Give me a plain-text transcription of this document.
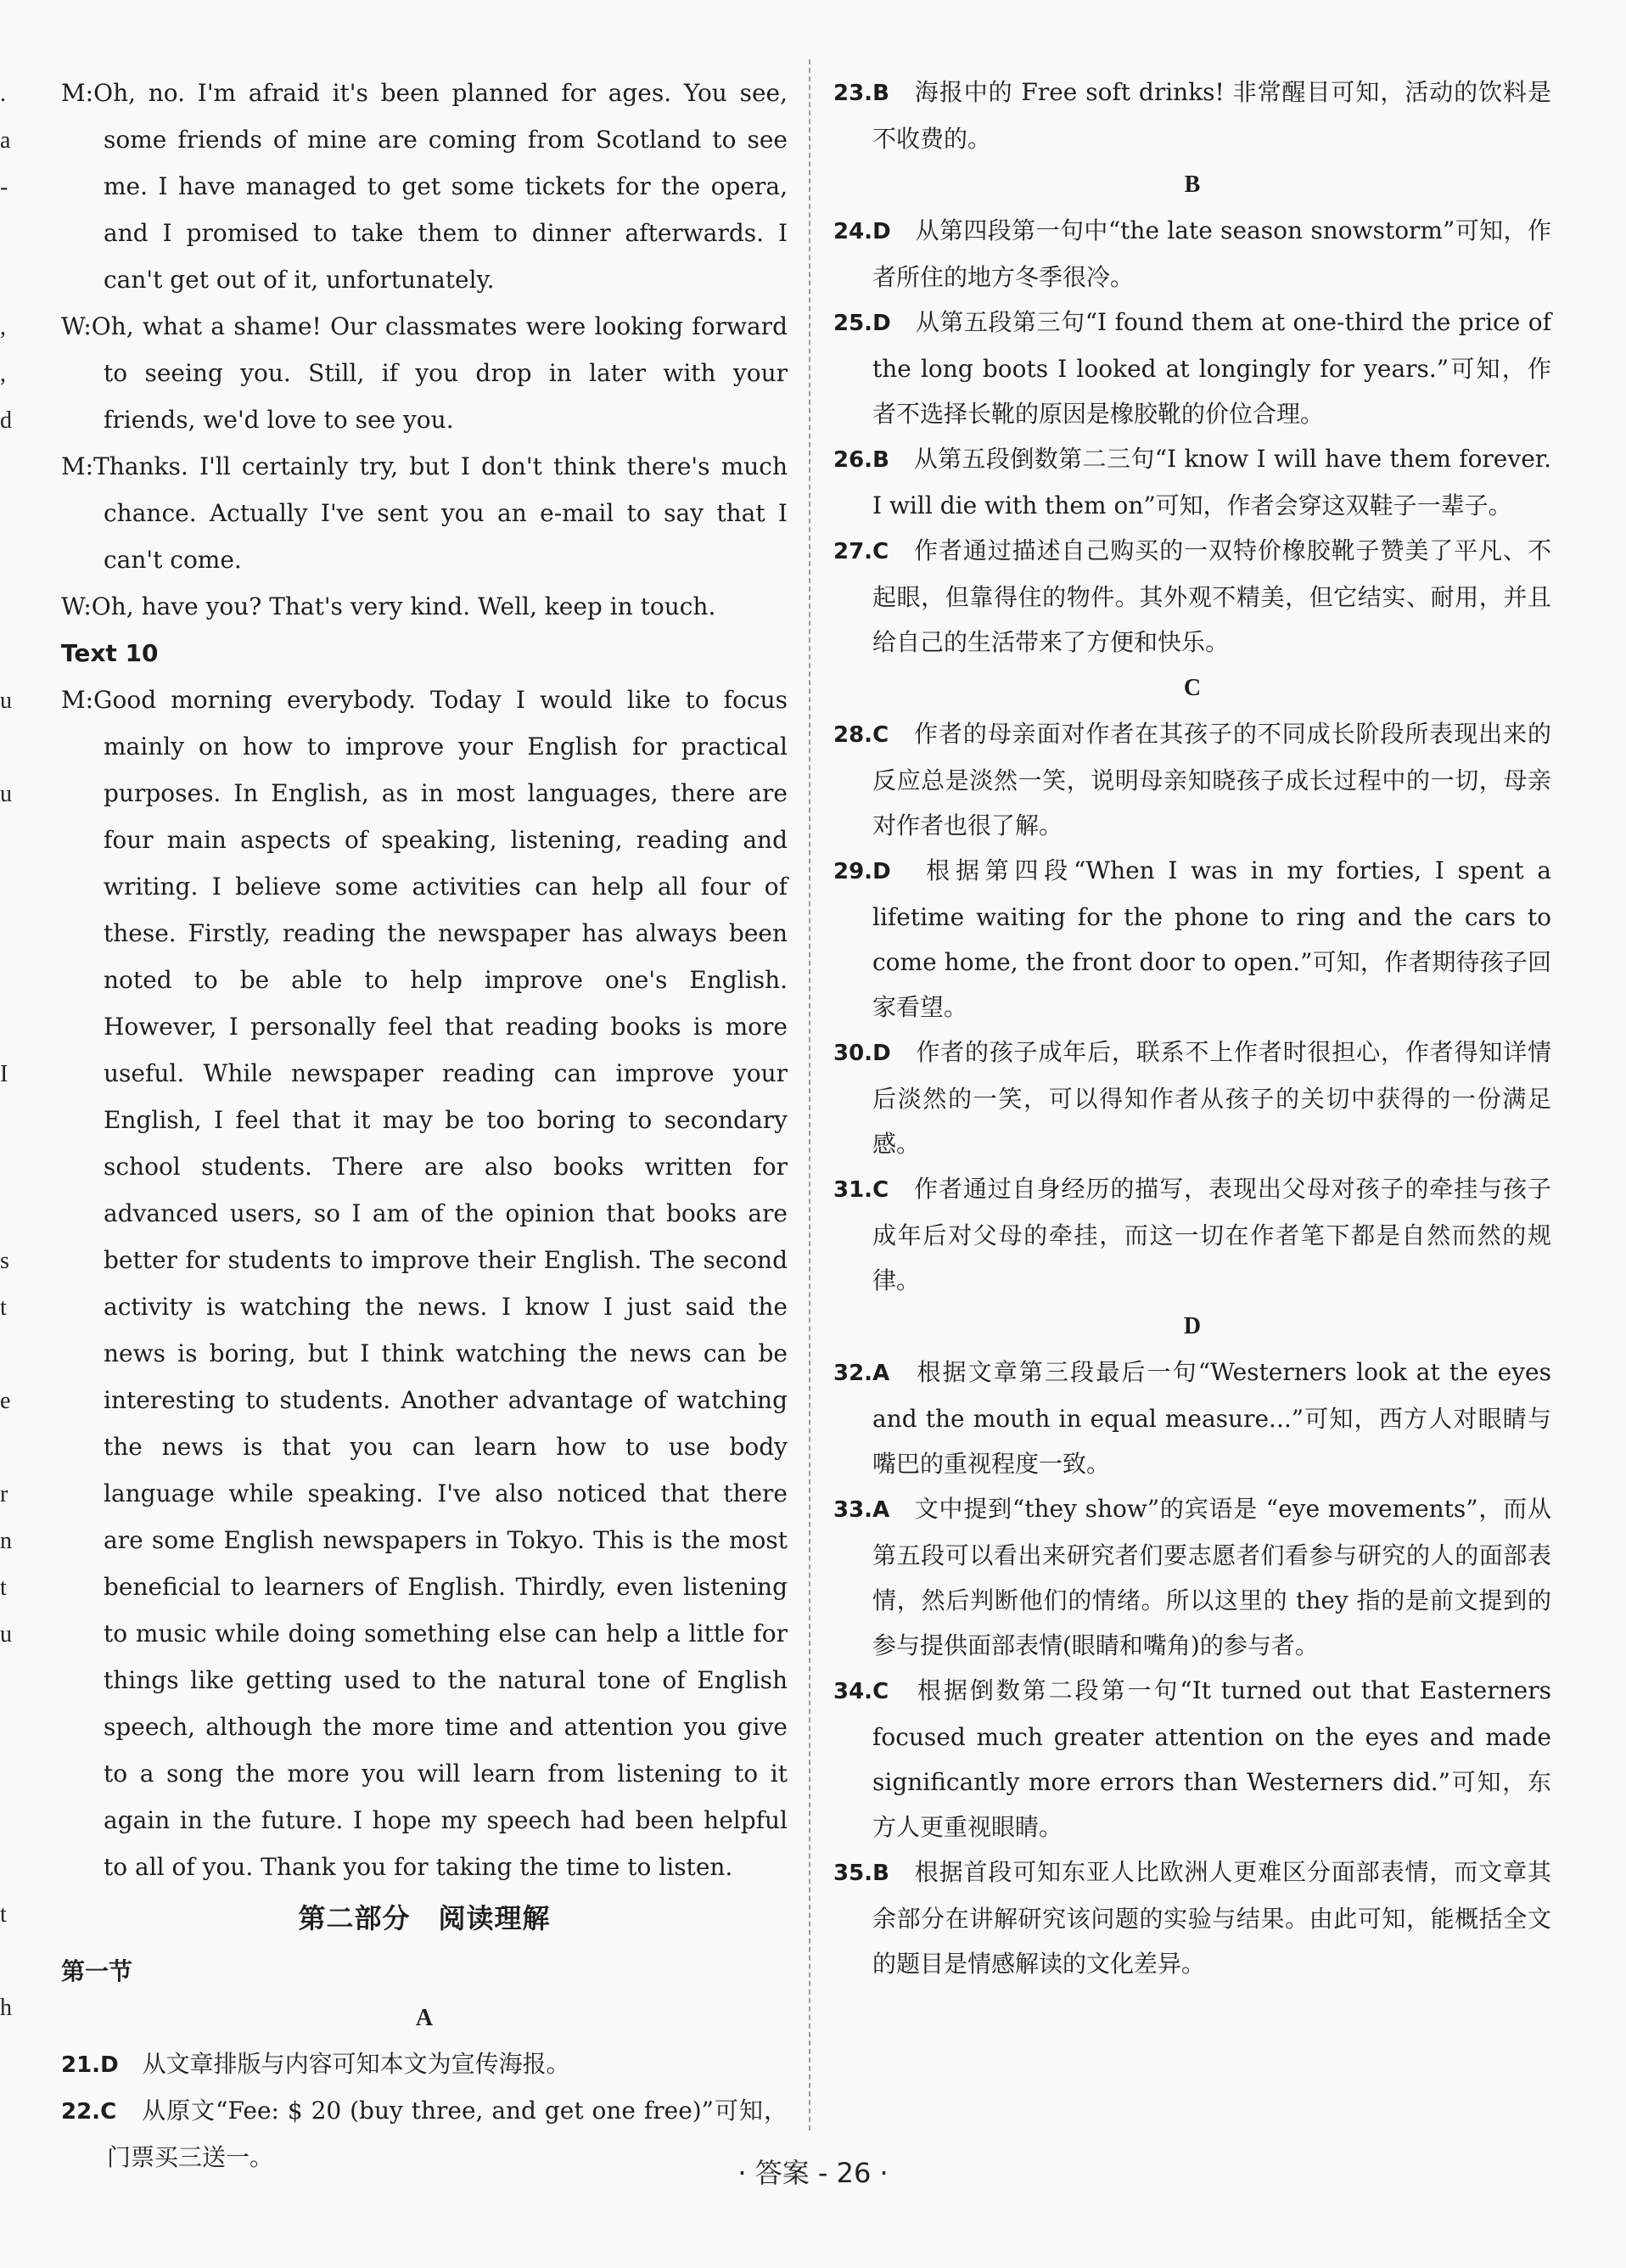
.
a
-
,
,
d
u
u
I
s
t
e
r
n
t
u
t
h

M:Oh, no. I'm afraid it's been planned for ages. You see, some friends of mine are coming from Scotland to see me. I have managed to get some tickets for the opera, and I promised to take them to dinner afterwards. I can't get out of it, unfortunately.

W:Oh, what a shame! Our classmates were looking forward to seeing you. Still, if you drop in later with your friends, we'd love to see you.

M:Thanks. I'll certainly try, but I don't think there's much chance. Actually I've sent you an e-mail to say that I can't come.

W:Oh, have you? That's very kind. Well, keep in touch.

Text 10

M:Good morning everybody. Today I would like to focus mainly on how to improve your English for practical purposes. In English, as in most languages, there are four main aspects of speaking, listening, reading and writing. I believe some activities can help all four of these. Firstly, reading the newspaper has always been noted to be able to help improve one's English. However, I personally feel that reading books is more useful. While newspaper reading can improve your English, I feel that it may be too boring to secondary school students. There are also books written for advanced users, so I am of the opinion that books are better for students to improve their English. The second activity is watching the news. I know I just said the news is boring, but I think watching the news can be interesting to students. Another advantage of watching the news is that you can learn how to use body language while speaking. I've also noticed that there are some English newspapers in Tokyo. This is the most beneficial to learners of English. Thirdly, even listening to music while doing something else can help a little for things like getting used to the natural tone of English speech, although the more time and attention you give to a song the more you will learn from listening to it again in the future. I hope my speech had been helpful to all of you. Thank you for taking the time to listen.

第二部分　阅读理解

第一节

A

21.D　 从文章排版与内容可知本文为宣传海报。

22.C　 从原文“Fee: $ 20 (buy three, and get one free)”可知，门票买三送一。

23.B　 海报中的 Free soft drinks! 非常醒目可知，活动的饮料是不收费的。

B

24.D　 从第四段第一句中“the late season snowstorm”可知，作者所住的地方冬季很冷。

25.D　 从第五段第三句“I found them at one-third the price of the long boots I looked at longingly for years.”可知，作者不选择长靴的原因是橡胶靴的价位合理。

26.B　 从第五段倒数第二三句“I know I will have them forever. I will die with them on”可知，作者会穿这双鞋子一辈子。

27.C　 作者通过描述自己购买的一双特价橡胶靴子赞美了平凡、不起眼，但靠得住的物件。其外观不精美，但它结实、耐用，并且给自己的生活带来了方便和快乐。

C

28.C　 作者的母亲面对作者在其孩子的不同成长阶段所表现出来的反应总是淡然一笑，说明母亲知晓孩子成长过程中的一切，母亲对作者也很了解。

29.D　 根据第四段“When I was in my forties, I spent a lifetime waiting for the phone to ring and the cars to come home, the front door to open.”可知，作者期待孩子回家看望。

30.D　 作者的孩子成年后，联系不上作者时很担心，作者得知详情后淡然的一笑，可以得知作者从孩子的关切中获得的一份满足感。

31.C　 作者通过自身经历的描写，表现出父母对孩子的牵挂与孩子成年后对父母的牵挂，而这一切在作者笔下都是自然而然的规律。

D

32.A　 根据文章第三段最后一句“Westerners look at the eyes and the mouth in equal measure...”可知，西方人对眼睛与嘴巴的重视程度一致。

33.A　 文中提到“they show”的宾语是 “eye movements”，而从第五段可以看出来研究者们要志愿者们看参与研究的人的面部表情，然后判断他们的情绪。所以这里的 they 指的是前文提到的参与提供面部表情(眼睛和嘴角)的参与者。

34.C　 根据倒数第二段第一句“It turned out that Easterners focused much greater attention on the eyes and made significantly more errors than Westerners did.”可知，东方人更重视眼睛。

35.B　 根据首段可知东亚人比欧洲人更难区分面部表情，而文章其余部分在讲解研究该问题的实验与结果。由此可知，能概括全文的题目是情感解读的文化差异。

· 答案 - 26 ·
